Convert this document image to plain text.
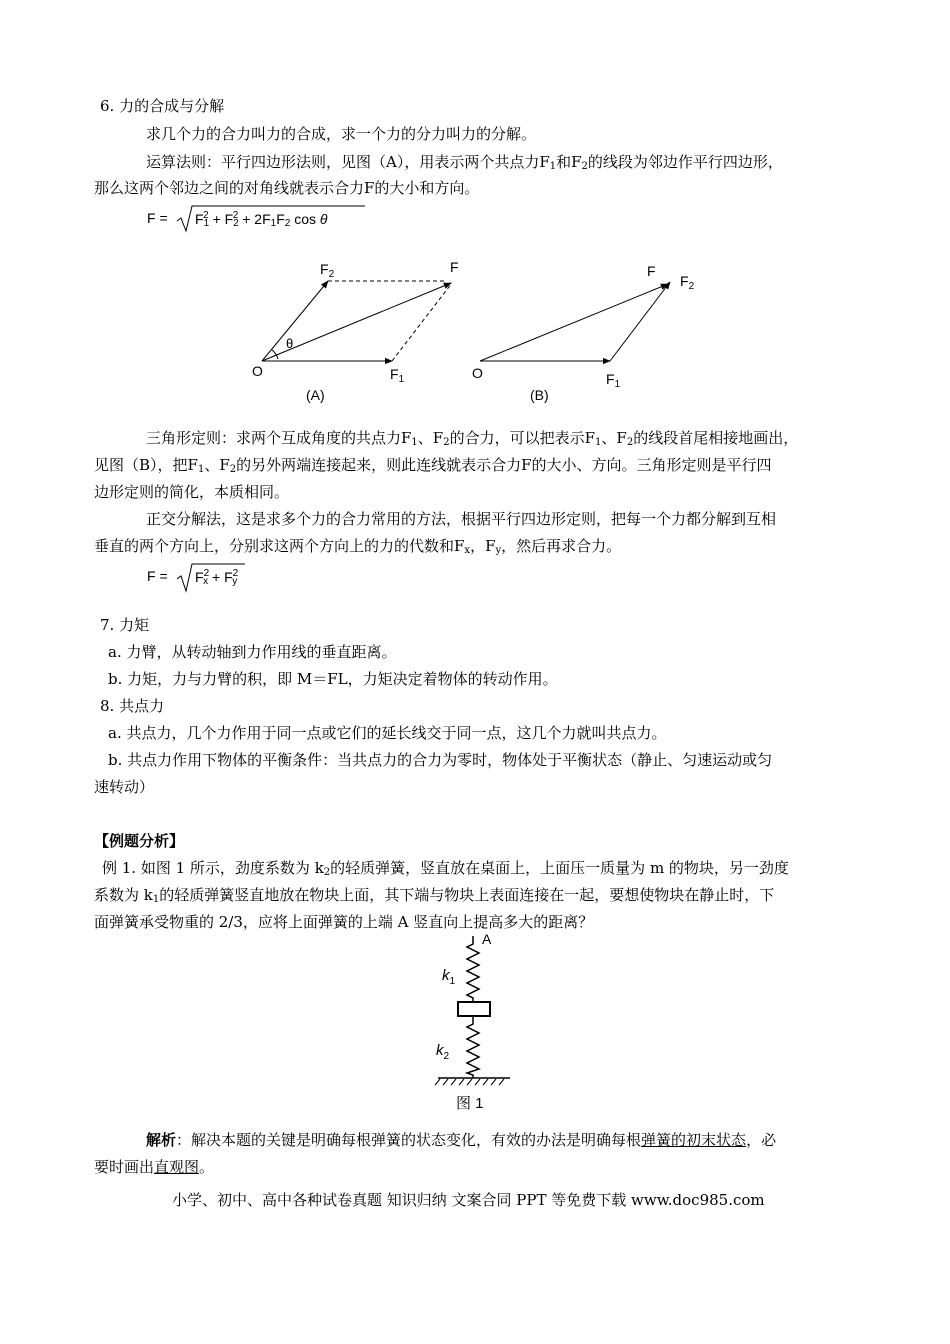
6. 力的合成与分解
求几个力的合力叫力的合成，求一个力的分力叫力的分解。
运算法则：平行四边形法则，见图（A），用表示两个共点力$F_1$和$F_2$的线段为邻边作平行四边形，
那么这两个邻边之间的对角线就表示合力F的大小和方向。
$F = F_1^2 + F_2^2 + 2F_1F_2$ cos θ
$F_2$	F
θ
O	$F_1$
(A)
F
$F_2$
O	$F_1$
(B)
三角形定则：求两个互成角度的共点力$F_1$、$F_2$的合力，可以把表示$F_1$、$F_2$的线段首尾相接地画出，
见图（B），把$F_1$、$F_2$的另外两端连接起来，则此连线就表示合力F的大小、方向。三角形定则是平行四
边形定则的简化，本质相同。
正交分解法，这是求多个力的合力常用的方法，根据平行四边形定则，把每一个力都分解到互相
垂直的两个方向上，分别求这两个方向上的力的代数和$F_x$，$F_y$，然后再求合力。
$F = F^2_x + F^2_y$
7. 力矩
a. 力臂，从转动轴到力作用线的垂直距离。
b. 力矩，力与力臂的积，即 M＝FL，力矩决定着物体的转动作用。
8. 共点力
a. 共点力，几个力作用于同一点或它们的延长线交于同一点，这几个力就叫共点力。
b. 共点力作用下物体的平衡条件：当共点力的合力为零时，物体处于平衡状态（静止、匀速运动或匀
速转动）
【例题分析】
例 1. 如图 1 所示，劲度系数为 $k_2$的轻质弹簧，竖直放在桌面上，上面压一质量为 m 的物块，另一劲度
系数为 $k_1$的轻质弹簧竖直地放在物块上面，其下端与物块上表面连接在一起，要想使物块在静止时，下
面弹簧承受物重的 2/3，应将上面弹簧的上端 A 竖直向上提高多大的距离？
A
$k_1$
$k_2$
图 1
解析：解决本题的关键是明确每根弹簧的状态变化，有效的办法是明确每根弹簧的初末状态，必
要时画出直观图。
小学、初中、高中各种试卷真题 知识归纳 文案合同 PPT 等免费下载 www.doc985.com
